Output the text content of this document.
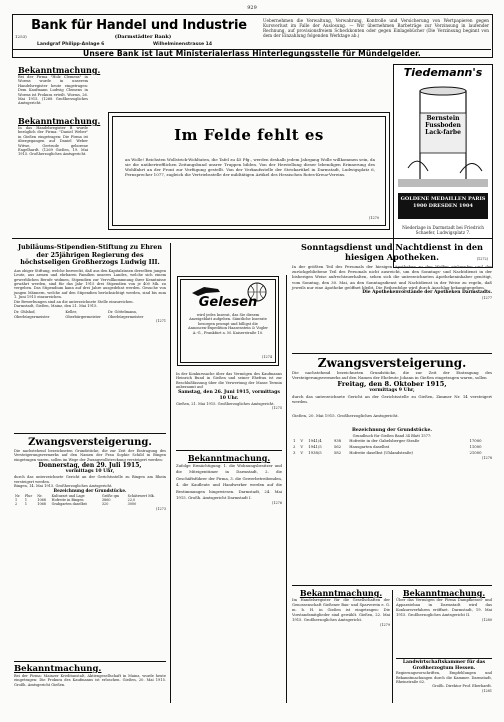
929
Bank für Handel und Industrie
1253)	(Darmstädter Bank)
Landgraf Philipp-Anlage 6	Wilhelminenstrasse 14
Uebernehmen die Verwaltung, Verwahrung, Kontrolle und Versicherung von Wertpapieren gegen Kursverlust im Falle der Auslosung. — Wir übernehmen Barbeträge zur Verzinsung in laufender Rechnung, auf provisionsfreiem Scheckkonten oder gegen Einlagebücher (Die Verzinsung beginnt von dem der Einzahlung folgenden Werktage ab.)
Unsere Bank ist laut Ministerialerlass Hinterlegungsstelle für Mündelgelder.
Bekanntmachung.
Bei der Firma "Holz Clemens" in Worms wurde in unserem Handelsregister heute eingetragen: Dem Kaufmann Ludwig Clemens in Worms ist Prokura erteilt. Worms, 26. Mai 1915. (1268 Großherzogliches Amtsgericht.
Bekanntmachung.
In das Handelsregister B wurde bezüglich der Firma: "Daniel Weber" in Gießen eingetragen: Die Firma ist übergegangen auf Daniel Weber Witwe, Gertrude geborene Engelhardt. (1269 Gießen, 19. Mai 1915. Großherzogliches Amtsgericht.
Im Felde fehlt es
an Wolle! Reichsten Wollstrick-Wohltaten, die Tafel zu 45 Pfg., werden deshalb jedem Jahrgang Wolle willkommen sein, da sie die unübertrefflichen Zeitungsbund unsrer Truppen bilden. Von der Herstellung dieser lebendigen Erinnerung des Wohlfahrt an der Front zur Verfügung gestellt. Von der Verkaufsstelle der Strickartikel in Darmstadt, Ludwigsplatz 6, Fernsprecher 1077, zugleich die Vertriebsstelle der mildtätigen Artikel des Hessischen Rotes-Kreuz-Vereins.
(1270
Tiedemann's
Bernstein Fussboden Lack-farbe
GOLDENE MEDAILLEN PARIS 1900 DRESDEN 1904
Niederlage in Darmstadt bei Friedrich Schaefer, Ludwigsplatz 7.
(1272)
Jubiläums-Stipendien-Stiftung zu Ehren der 25jährigen Regierung des höchstseligen Großherzogs Ludwig III.
Aus obiger Stiftung, welche bezweckt, daß aus den Kapitalzinsen derselben jungen Leute, aus armen und ehrbaren Familien unseres Landes, welche sich einem gewerblichen Berufe widmen, Stipendien zur Vervollkommnung ihrer Kenntnisse gewährt werden, sind für das Jahr 1915 drei Stipendien von je 400 Mk. zu vergeben. Das Stipendium kann auf drei Jahre ausgedehnt werden. Gesuche von jungen Männern, welche auf den Stipendien berücksichtigt werden, sind bis zum 1. Juni 1915 einzureichen.
Die Bewerbungen sind an die unterzeichnete Stelle einzureichen.
Darmstadt, Gießen, Mainz, den 21. Mai 1915.
Dr. Ohlshof, Oberbürgermeister
Keller, Oberbürgermeister
Dr. Göttelmann, Oberbürgermeister
(1271
Zwangsversteigerung.
Die nachstehend bezeichneten Grundstücke, die zur Zeit der Eintragung des Versteigerungsvermerks auf den Namen der Frau Sophie Schild in Bingen eingetragen waren, sollen im Wege der Zwangsvollstreckung versteigert werden:
Donnerstag, den 29. Juli 1915,
vormittags 10 Uhr,
durch das unterzeichnete Gericht an der Gerichtsstelle zu Bingen am Rhein versteigert werden.
Bingen, 14. Mai 1915. Großherzogliches Amtsgericht.
Bezeichnung der Grundstücke.
Nr.	Flur	Nr.	Kulturart und Lage	Größe qm	Schätzwert Mk.
1	1	1068	Hofreite in Bingen	3860	22,0
2	1	1068	Grabgarten daselbst	320	3000
(1273
Bekanntmachung.
Bei der Firma: Mainzer Kreditanstalt, Aktiengesellschaft in Mainz, wurde heute eingetragen: Die Prokura des Kaufmanns ist erloschen. Gießen, 20. Mai 1915. Großh. Amtsgericht Gießen.
Gelesen
wird jedes Inserat, das Sie diesem Anzeigeblatt aufgeben. Sämtliche Inserate besorgen prompt und billigst die Annoncen-Expedition Haasenstein & Vogler A.-G., Frankfurt a. M. Kaiserstraße 10.
(1274
In der Konkurssache über das Vermögen des Kaufmanns Heinrich Bund in Gießen und seiner Ehefrau ist zur Beschlußfassung über die Verwertung der Masse Termin anberaumt auf
Samstag, den 26. Juni 1915, vormittags 10 Uhr.
Gießen, 21. Mai 1915. Großherzogliches Amtsgericht.
(1275
Bekanntmachung.
Zufolge Ermächtigung: 1. die Wohnungsbesitzer und die Miteigentümer in Darmstadt, 2. die Geschäftsführer der Firma, 3. die Gewerbetreibenden, 4. die Kaufleute und Handwerker werden auf die Bestimmungen hingewiesen. Darmstadt, 24. Mai 1915. Großh. Amtsgericht Darmstadt I.
(1276
Sonntagsdienst und Nachtdienst in den hiesigen Apotheken.
In der größten Teil des Personals der hiesigen Apotheken zu den Waffen einberufen und der zurückgebliebene Teil des Personals nicht ausreicht, um den Sonntags- und Nachtdienst in der bisherigen Weise aufrechtzuerhalten, sehen sich die unterzeichneten Apothekeninhaber genötigt, vom Sonntag, den 30. Mai, an den Sonntagsdienst und Nachtdienst in der Weise zu regeln, daß jeweils nur eine Apotheke geöffnet bleibt. Die Reihenfolge wird durch Anschlag bekanntgegeben.
Die Apothekenvorstände der Apotheken Darmstadts.
(1277
Zwangsversteigerung.
Die nachstehend bezeichneten Grundstücke, die zur Zeit der Eintragung des Versteigerungsvermerks auf den Namen der Eheleute Johann in Gießen eingetragen waren, sollen
Freitag, den 8. Oktober 1915,
vormittags 9 Uhr,
durch das unterzeichnete Gericht an der Gerichtsstelle zu Gießen, Zimmer Nr. 14 versteigert werden.
Gießen, 20. Mai 1915. Großherzogliches Amtsgericht.
Bezeichnung der Grundstücke.
Grundbuch für Gießen Band 34 Blatt 1577:
1	V	1941/4	938	Hofreite in der Gabelsberger Straße	17000
2	V	1941/5	562	Hausgarten daselbst	11000
3	V	1938/5	582	Hofreite daselbst (Uhlandstraße)	21000
(1278
Bekanntmachung.
Im Handelsregister für die Gesellschaften der Genossenschaft Gießener Bau- und Sparverein e. G. m. b. H. in Gießen ist eingetragen: Die Vorstandsmitglieder sind gewählt. Gießen, 22. Mai 1915. Großherzogliches Amtsgericht.
(1279
Bekanntmachung.
Über das Vermögen der Firma Dampfkessel- und Apparatebau in Darmstadt wird das Konkursverfahren eröffnet. Darmstadt, 19. Mai 1915. Großherzogliches Amtsgericht II.
(1280
Landwirtschaftskammer für das Großherzogtum Hessen.
Regierungsvorschriften, Empfehlungen und Bekanntmachungen durch die Kammer. Darmstadt, Rheinstraße 62.
Großh. Direktor Prof. Eberhardt.
(1281
